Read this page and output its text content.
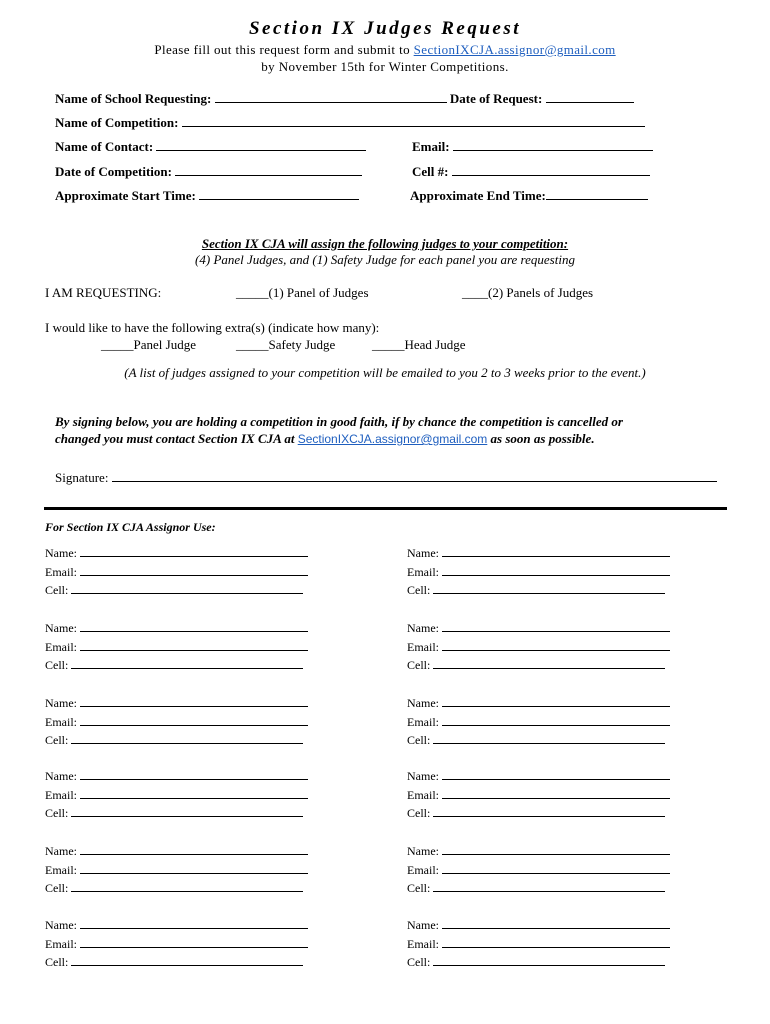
Section IX Judges Request
Please fill out this request form and submit to SectionIXCJA.assignor@gmail.com
by November 15th for Winter Competitions.
Name of School Requesting:	Date of Request:
Name of Competition:
Name of Contact:	Email:
Date of Competition:	Cell #:
Approximate Start Time:	Approximate End Time:
Section IX CJA will assign the following judges to your competition:
(4) Panel Judges, and (1) Safety Judge for each panel you are requesting
I AM REQUESTING:	_____(1) Panel of Judges	____(2) Panels of Judges
I would like to have the following extra(s) (indicate how many):
_____Panel Judge	_____Safety Judge	_____Head Judge
(A list of judges assigned to your competition will be emailed to you 2 to 3 weeks prior to the event.)
By signing below, you are holding a competition in good faith, if by chance the competition is cancelled or
changed you must contact Section IX CJA at SectionIXCJA.assignor@gmail.com as soon as possible.
Signature:
For Section IX CJA Assignor Use:
Name:
Email:
Cell:
Name:
Email:
Cell:
Name:
Email:
Cell:
Name:
Email:
Cell:
Name:
Email:
Cell:
Name:
Email:
Cell:
Name:
Email:
Cell:
Name:
Email:
Cell:
Name:
Email:
Cell:
Name:
Email:
Cell:
Name:
Email:
Cell:
Name:
Email:
Cell:
